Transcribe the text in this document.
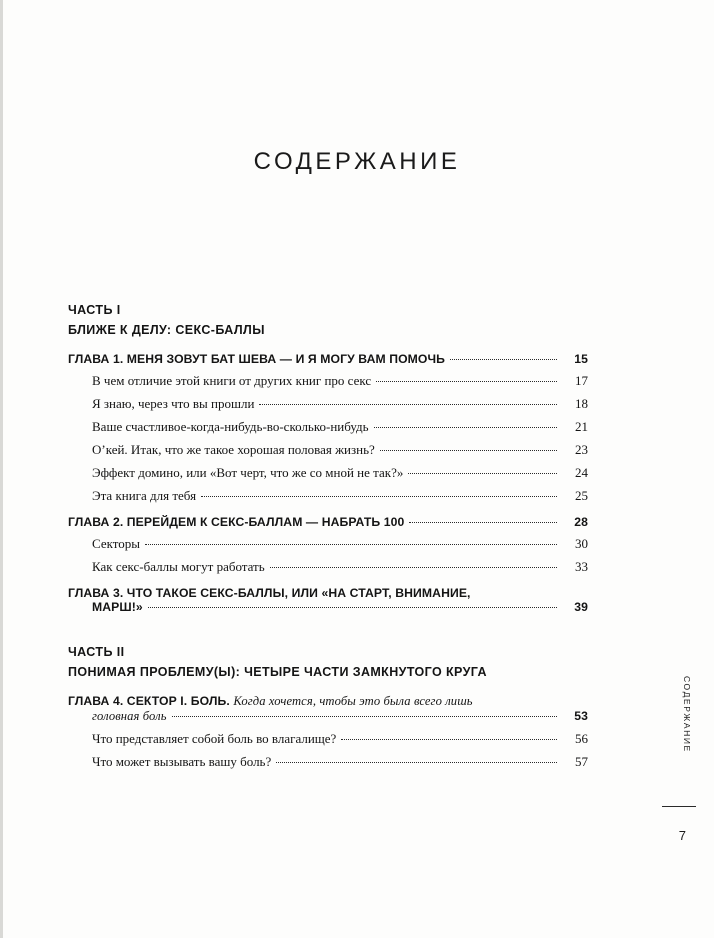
СОДЕРЖАНИЕ
ЧАСТЬ I
БЛИЖЕ К ДЕЛУ: СЕКС-БАЛЛЫ
ГЛАВА 1. МЕНЯ ЗОВУТ БАТ ШЕВА — И Я МОГУ ВАМ ПОМОЧЬ	15
В чем отличие этой книги от других книг про секс	17
Я знаю, через что вы прошли	18
Ваше счастливое-когда-нибудь-во-сколько-нибудь	21
О’кей. Итак, что же такое хорошая половая жизнь?	23
Эффект домино, или «Вот черт, что же со мной не так?»	24
Эта книга для тебя	25
ГЛАВА 2. ПЕРЕЙДЕМ К СЕКС-БАЛЛАМ — НАБРАТЬ 100	28
Секторы	30
Как секс-баллы могут работать	33
ГЛАВА 3. ЧТО ТАКОЕ СЕКС-БАЛЛЫ, ИЛИ «НА СТАРТ, ВНИМАНИЕ,
МАРШ!»	39
ЧАСТЬ II
ПОНИМАЯ ПРОБЛЕМУ(Ы): ЧЕТЫРЕ ЧАСТИ ЗАМКНУТОГО КРУГА
ГЛАВА 4. СЕКТОР I. БОЛЬ. Когда хочется, чтобы это была всего лишь
головная боль	53
Что представляет собой боль во влагалище?	56
Что может вызывать вашу боль?	57
СОДЕРЖАНИЕ
7
